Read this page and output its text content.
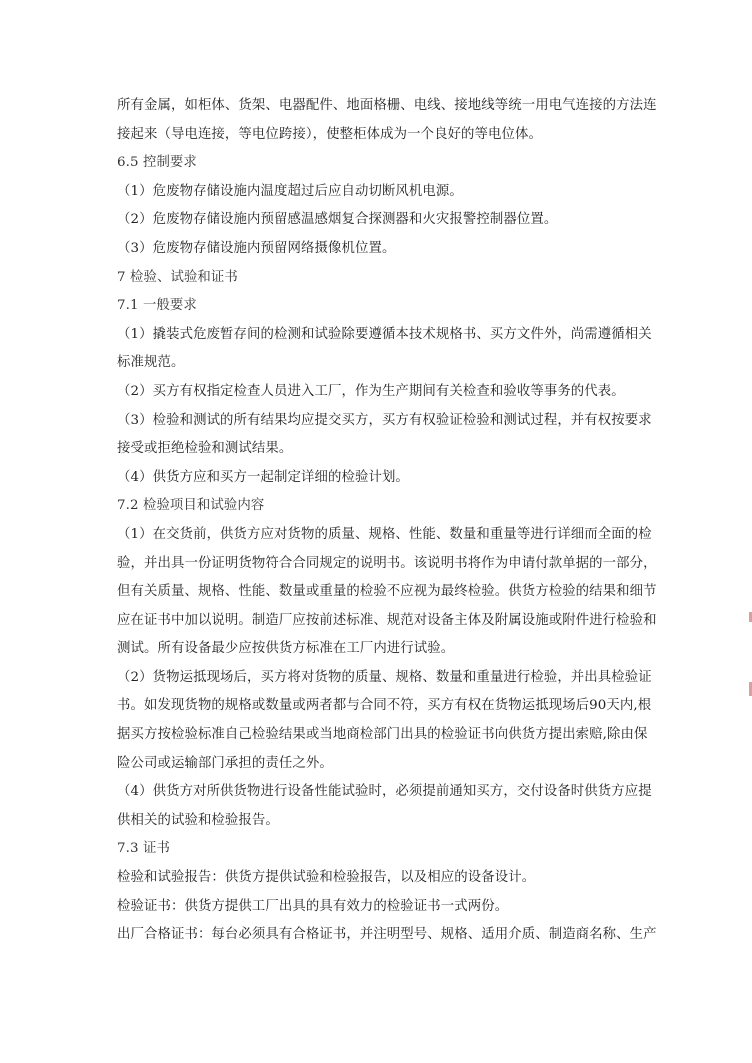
所有金属，如柜体、货架、电器配件、地面格栅、电线、接地线等统一用电气连接的方法连
接起来（导电连接，等电位跨接），使整柜体成为一个良好的等电位体。
6.5 控制要求
（1）危废物存储设施内温度超过后应自动切断风机电源。
（2）危废物存储设施内预留感温感烟复合探测器和火灾报警控制器位置。
（3）危废物存储设施内预留网络摄像机位置。
7 检验、试验和证书
7.1 一般要求
（1）撬装式危废暂存间的检测和试验除要遵循本技术规格书、买方文件外，尚需遵循相关
标准规范。
（2）买方有权指定检查人员进入工厂，作为生产期间有关检查和验收等事务的代表。
（3）检验和测试的所有结果均应提交买方，买方有权验证检验和测试过程，并有权按要求
接受或拒绝检验和测试结果。
（4）供货方应和买方一起制定详细的检验计划。
7.2 检验项目和试验内容
（1）在交货前，供货方应对货物的质量、规格、性能、数量和重量等进行详细而全面的检
验，并出具一份证明货物符合合同规定的说明书。该说明书将作为申请付款单据的一部分，
但有关质量、规格、性能、数量或重量的检验不应视为最终检验。供货方检验的结果和细节
应在证书中加以说明。制造厂应按前述标准、规范对设备主体及附属设施或附件进行检验和
测试。所有设备最少应按供货方标准在工厂内进行试验。
（2）货物运抵现场后，买方将对货物的质量、规格、数量和重量进行检验，并出具检验证
书。如发现货物的规格或数量或两者都与合同不符，买方有权在货物运抵现场后90天内,根
据买方按检验标准自己检验结果或当地商检部门出具的检验证书向供货方提出索赔,除由保
险公司或运输部门承担的责任之外。
（4）供货方对所供货物进行设备性能试验时，必须提前通知买方，交付设备时供货方应提
供相关的试验和检验报告。
7.3 证书
检验和试验报告：供货方提供试验和检验报告，以及相应的设备设计。
检验证书：供货方提供工厂出具的具有效力的检验证书一式两份。
出厂合格证书：每台必须具有合格证书，并注明型号、规格、适用介质、制造商名称、生产
